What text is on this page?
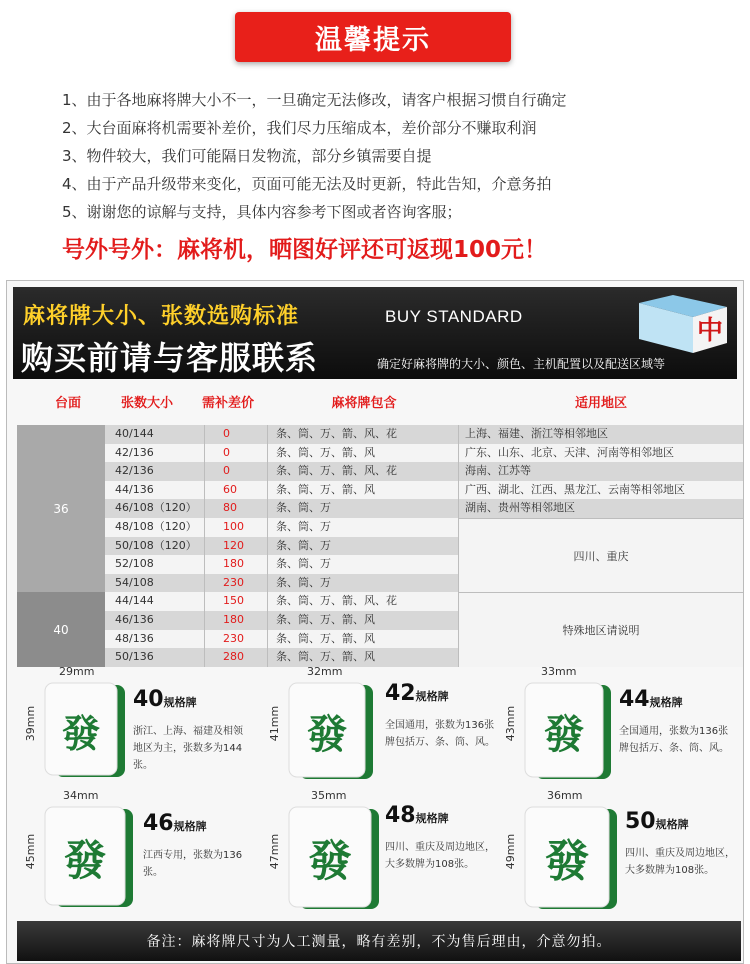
温馨提示
1、由于各地麻将牌大小不一，一旦确定无法修改，请客户根据习惯自行确定
2、大台面麻将机需要补差价，我们尽力压缩成本，差价部分不赚取利润
3、物件较大，我们可能隔日发物流，部分乡镇需要自提
4、由于产品升级带来变化，页面可能无法及时更新，特此告知，介意务拍
5、谢谢您的谅解与支持，具体内容参考下图或者咨询客服；
号外号外：麻将机，晒图好评还可返现100元！
麻将牌大小、张数选购标准	BUY STANDARD
购买前请与客服联系	确定好麻将牌的大小、颜色、主机配置以及配送区域等
中
台面	张数大小	需补差价	麻将牌包含	适用地区
36
40
40/144	0	条、筒、万、箭、风、花	上海、福建、浙江等相邻地区
42/136	0	条、筒、万、箭、风	广东、山东、北京、天津、河南等相邻地区
42/136	0	条、筒、万、箭、风、花	海南、江苏等
44/136	60	条、筒、万、箭、风	广西、湖北、江西、黑龙江、云南等相邻地区
46/108（120）	80	条、筒、万	湖南、贵州等相邻地区
48/108（120）	100	条、筒、万
50/108（120）	120	条、筒、万
52/108	180	条、筒、万
54/108	230	条、筒、万
四川、重庆
44/144	150	条、筒、万、箭、风、花
46/136	180	条、筒、万、箭、风
48/136	230	条、筒、万、箭、风
50/136	280	条、筒、万、箭、风
特殊地区请说明
29mm
39mm 發
40规格牌
浙江、上海、福建及相领
地区为主，张数多为144张。
32mm
41mm 發
42规格牌
全国通用，张数为136张
牌包括万、条、筒、风。
33mm
43mm 發
44规格牌
全国通用，张数为136张
牌包括万、条、筒、风。
34mm
45mm 發
46规格牌
江西专用，张数为136张。
35mm
47mm 發
48规格牌
四川、重庆及周边地区，
大多数牌为108张。
36mm
49mm 發
50规格牌
四川、重庆及周边地区，
大多数牌为108张。
备注：麻将牌尺寸为人工测量，略有差别，不为售后理由，介意勿拍。
